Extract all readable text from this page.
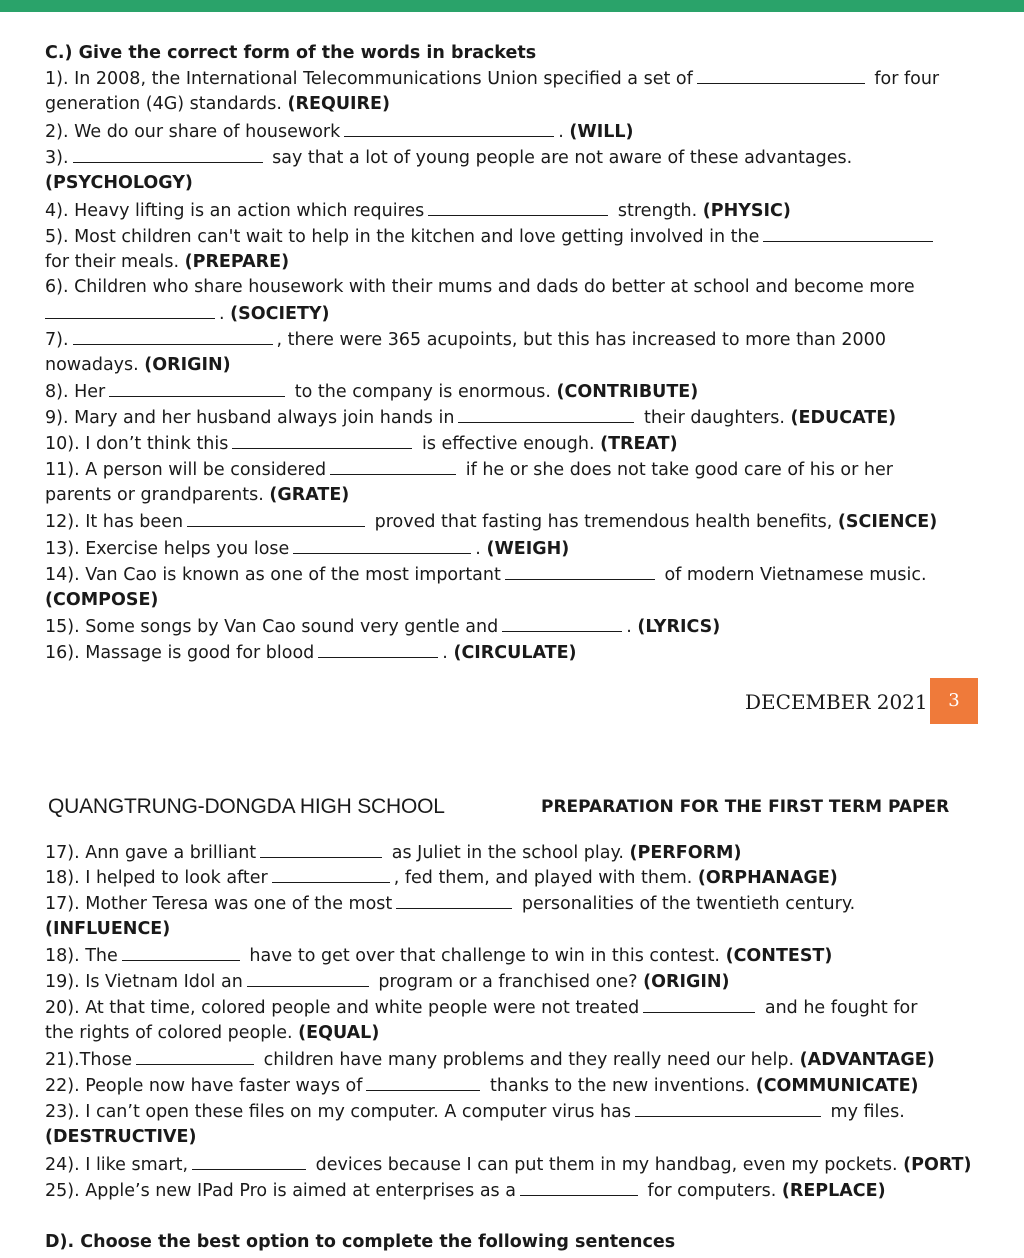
C.) Give the correct form of the words in brackets
1). In 2008, the International Telecommunications Union specified a set of	for four
generation (4G) standards. (REQUIRE)
2). We do our share of housework	. (WILL)
3).	say that a lot of young people are not aware of these advantages.
(PSYCHOLOGY)
4). Heavy lifting is an action which requires	strength. (PHYSIC)
5). Most children can't wait to help in the kitchen and love getting involved in the
for their meals. (PREPARE)
6). Children who share housework with their mums and dads do better at school and become more
. (SOCIETY)
7).	, there were 365 acupoints, but this has increased to more than 2000
nowadays. (ORIGIN)
8). Her	to the company is enormous. (CONTRIBUTE)
9). Mary and her husband always join hands in	their daughters. (EDUCATE)
10). I don’t think this	is effective enough. (TREAT)
11). A person will be considered	if he or she does not take good care of his or her
parents or grandparents. (GRATE)
12). It has been	proved that fasting has tremendous health benefits, (SCIENCE)
13). Exercise helps you lose	. (WEIGH)
14). Van Cao is known as one of the most important	of modern Vietnamese music.
(COMPOSE)
15). Some songs by Van Cao sound very gentle and	. (LYRICS)
16). Massage is good for blood	. (CIRCULATE)
DECEMBER 2021	3
QUANGTRUNG-DONGDA HIGH SCHOOL	PREPARATION FOR THE FIRST TERM PAPER
17). Ann gave a brilliant	as Juliet in the school play. (PERFORM)
18). I helped to look after	, fed them, and played with them. (ORPHANAGE)
17). Mother Teresa was one of the most	personalities of the twentieth century.
(INFLUENCE)
18). The	have to get over that challenge to win in this contest. (CONTEST)
19). Is Vietnam Idol an	program or a franchised one? (ORIGIN)
20). At that time, colored people and white people were not treated	and he fought for
the rights of colored people. (EQUAL)
21).Those	children have many problems and they really need our help. (ADVANTAGE)
22). People now have faster ways of	thanks to the new inventions. (COMMUNICATE)
23). I can’t open these files on my computer. A computer virus has	my files.
(DESTRUCTIVE)
24). I like smart,	devices because I can put them in my handbag, even my pockets. (PORT)
25). Apple’s new IPad Pro is aimed at enterprises as a	for computers. (REPLACE)
D). Choose the best option to complete the following sentences
